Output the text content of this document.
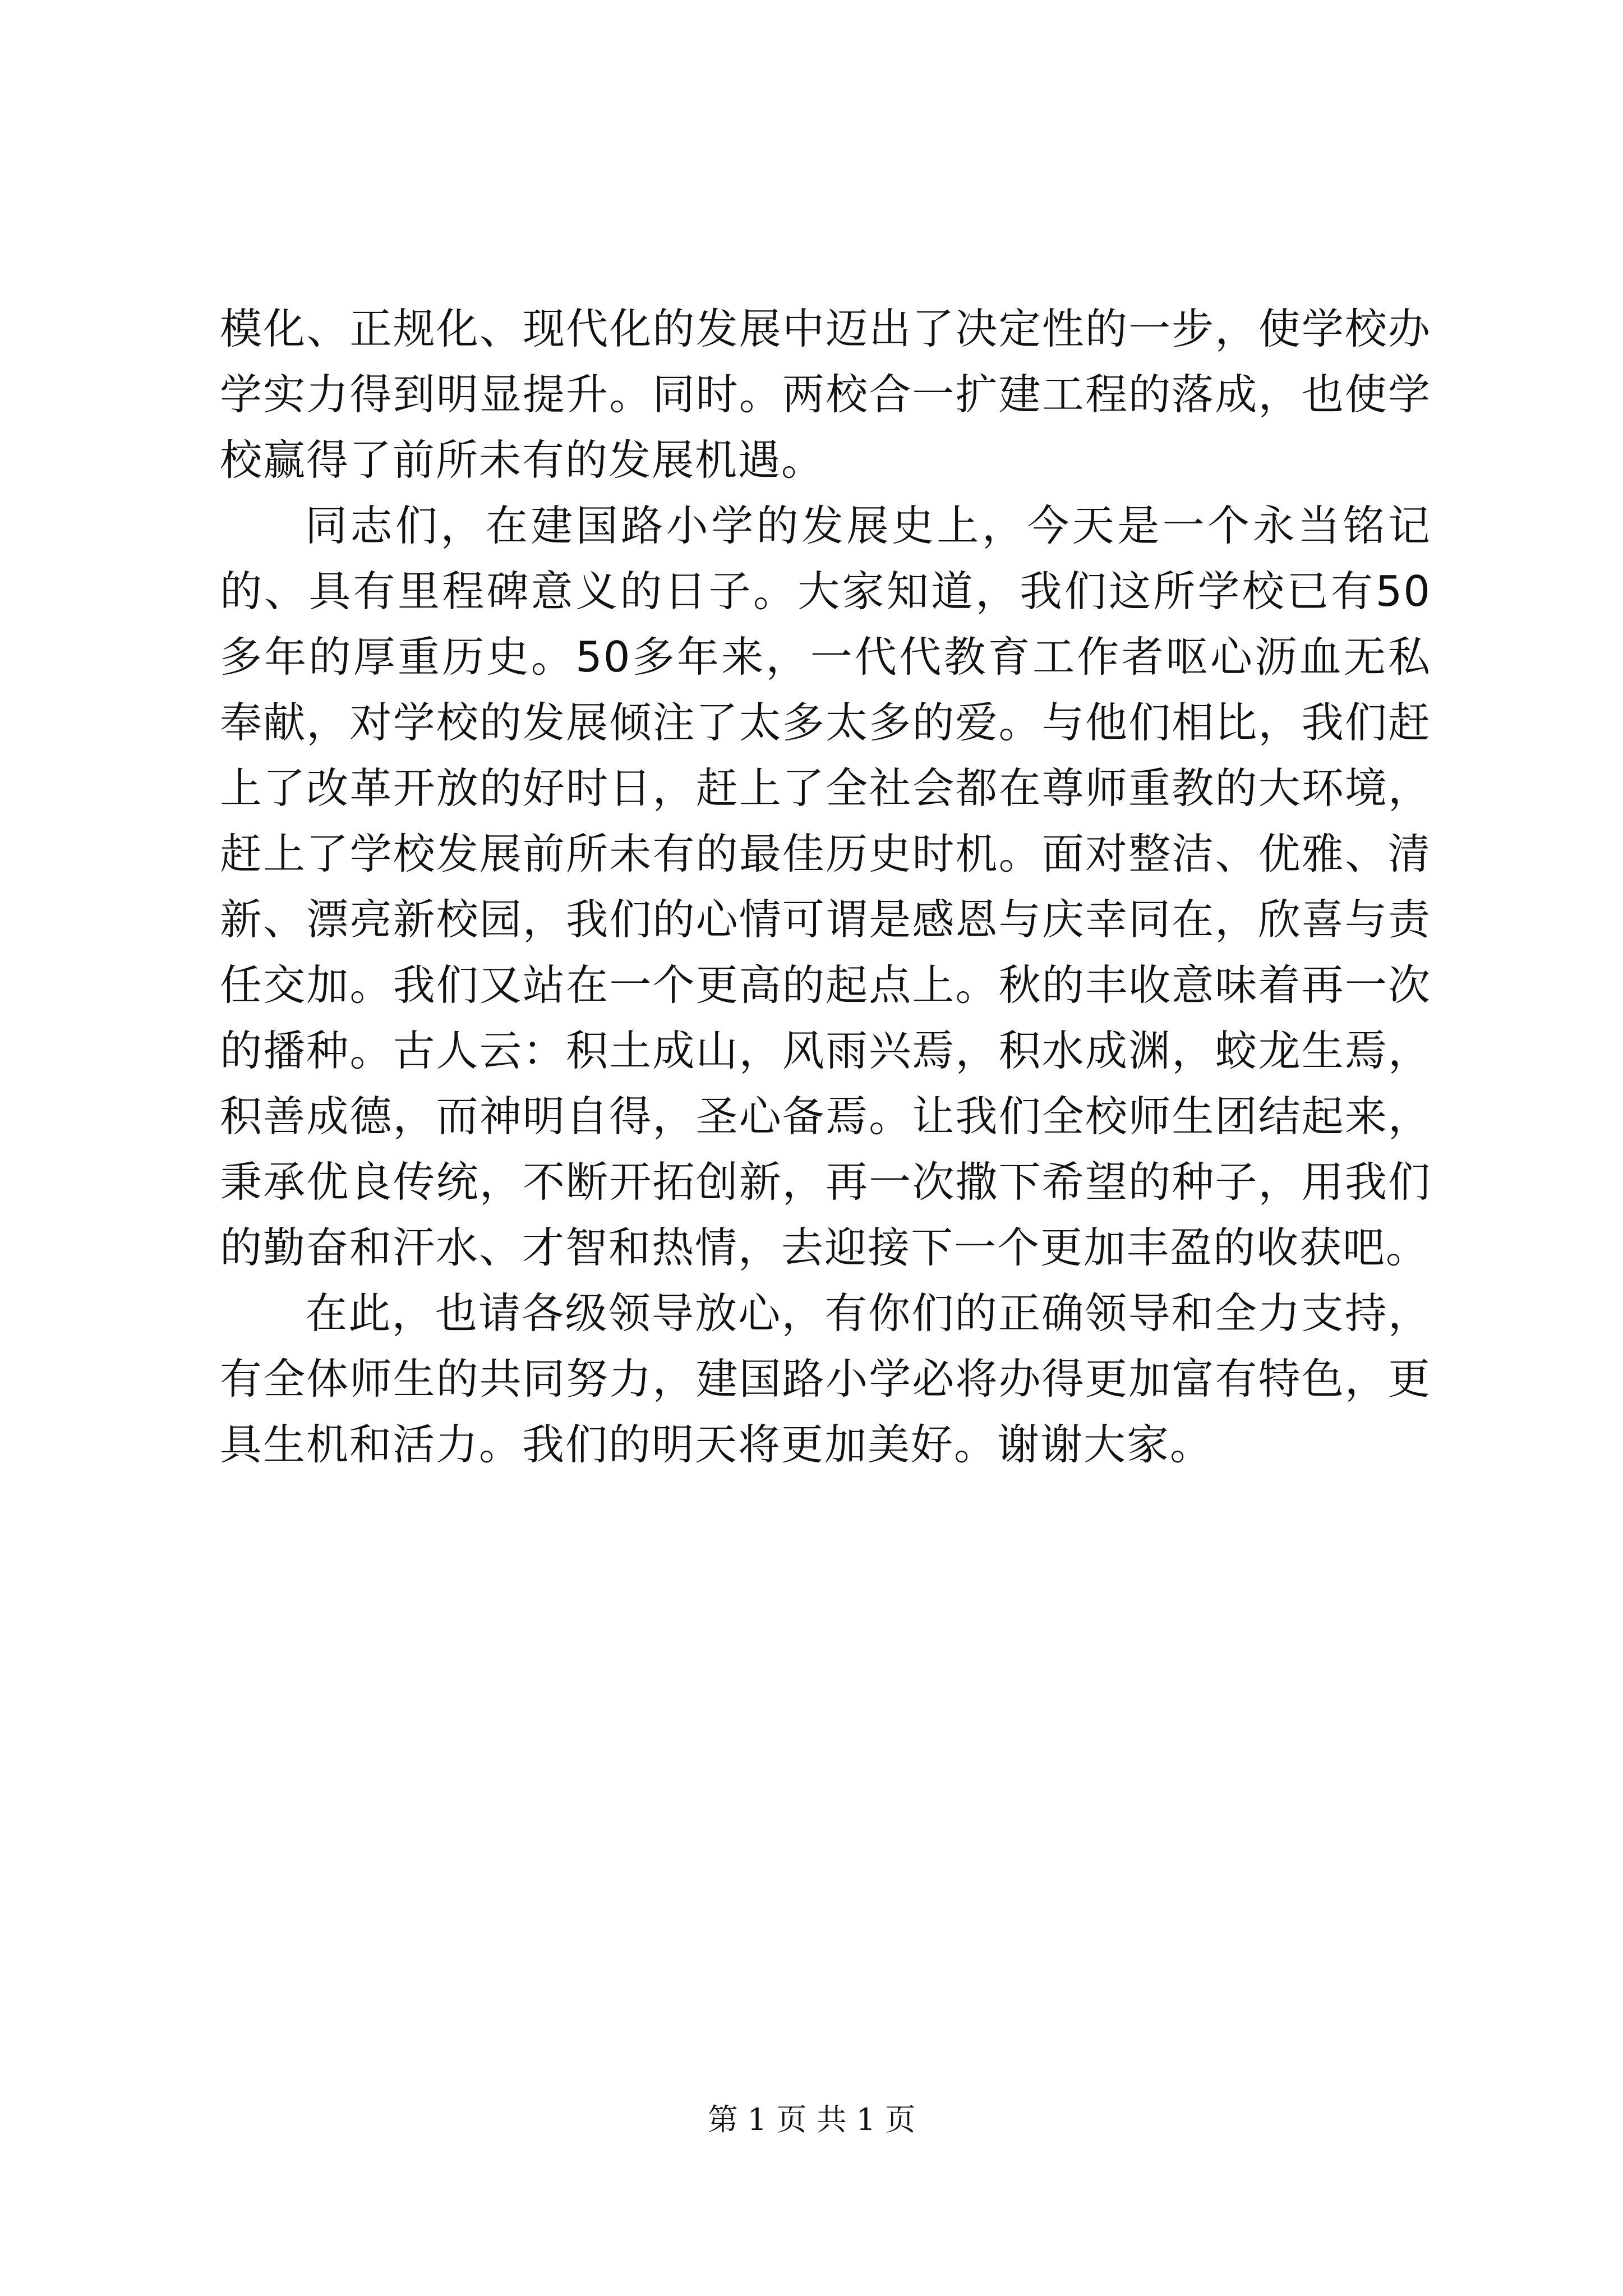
模化、正规化、现代化的发展中迈出了决定性的一步，使学校办学实力得到明显提升。同时。两校合一扩建工程的落成，也使学校赢得了前所未有的发展机遇。

同志们，在建国路小学的发展史上，今天是一个永当铭记的、具有里程碑意义的日子。大家知道，我们这所学校已有50多年的厚重历史。50多年来，一代代教育工作者呕心沥血无私奉献，对学校的发展倾注了太多太多的爱。与他们相比，我们赶上了改革开放的好时日，赶上了全社会都在尊师重教的大环境，赶上了学校发展前所未有的最佳历史时机。面对整洁、优雅、清新、漂亮新校园，我们的心情可谓是感恩与庆幸同在，欣喜与责任交加。我们又站在一个更高的起点上。秋的丰收意味着再一次的播种。古人云：积土成山，风雨兴焉，积水成渊，蛟龙生焉，积善成德，而神明自得，圣心备焉。让我们全校师生团结起来，秉承优良传统，不断开拓创新，再一次撒下希望的种子，用我们的勤奋和汗水、才智和热情，去迎接下一个更加丰盈的收获吧。

在此，也请各级领导放心，有你们的正确领导和全力支持，有全体师生的共同努力，建国路小学必将办得更加富有特色，更具生机和活力。我们的明天将更加美好。谢谢大家。

第 1 页 共 1 页
